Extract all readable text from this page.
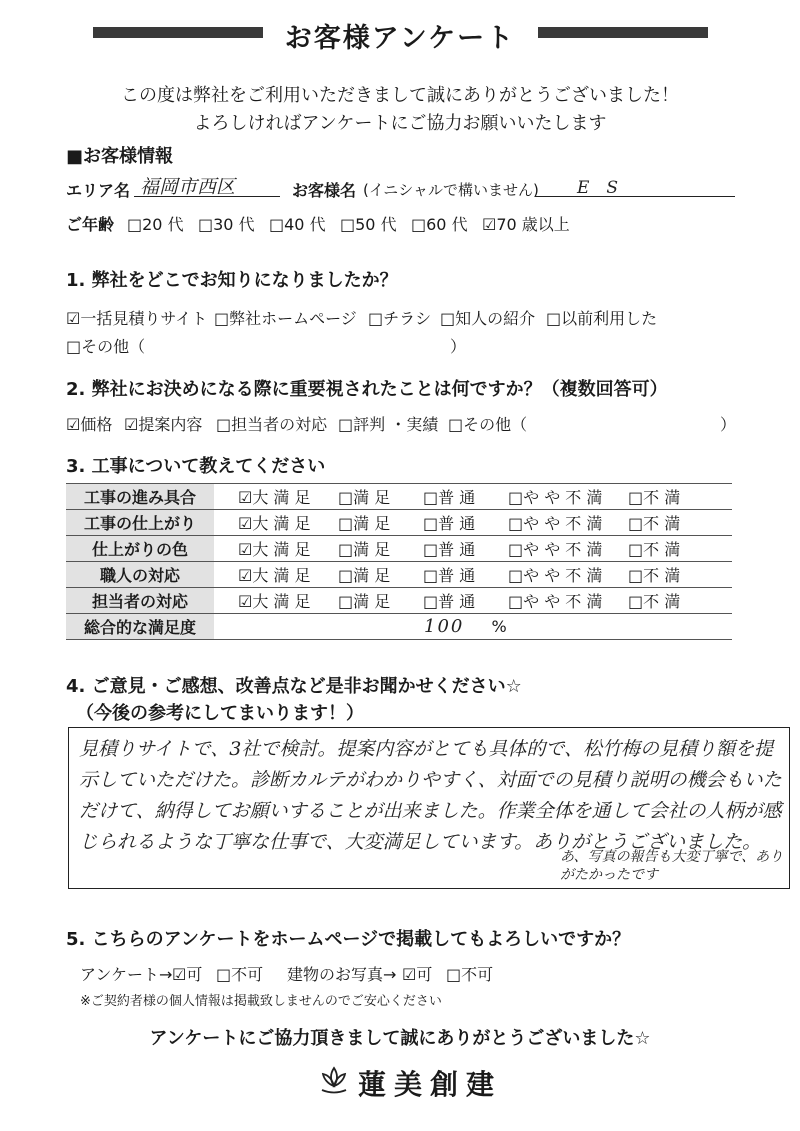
お客様アンケート
この度は弊社をご利用いただきまして誠にありがとうございました！
よろしければアンケートにご協力お願いいたします
■お客様情報
エリア名 福岡市西区	お客様名 (イニシャルで構いません) E　S
ご年齢 □20 代 □30 代 □40 代 □50 代 □60 代 ☑70 歳以上
1. 弊社をどこでお知りになりましたか？
☑一括見積りサイト □弊社ホームページ □チラシ □知人の紹介 □以前利用した
□その他（	）
2. 弊社にお決めになる際に重要視されたことは何ですか？（複数回答可）
☑価格 ☑提案内容 □担当者の対応 □評判 ・実績 □その他（	）
3. 工事について教えてください
工事の進み具合	☑大 満 足	□満 足	□普 通	□や や 不 満	□不 満
工事の仕上がり	☑大 満 足	□満 足	□普 通	□や や 不 満	□不 満
仕上がりの色	☑大 満 足	□満 足	□普 通	□や や 不 満	□不 満
職人の対応	☑大 満 足	□満 足	□普 通	□や や 不 満	□不 満
担当者の対応	☑大 満 足	□満 足	□普 通	□や や 不 満	□不 満
総合的な満足度	100 %				
4. ご意見・ご感想、改善点など是非お聞かせください☆
（今後の参考にしてまいります！）
見積りサイトで、3社で検討。提案内容がとても具体的で、松竹梅の見積り額を提示していただけた。診断カルテがわかりやすく、対面での見積り説明の機会もいただけて、納得してお願いすることが出来ました。作業全体を通して会社の人柄が感じられるような丁寧な仕事で、大変満足しています。ありがとうございました。
あ、写真の報告も大変丁寧で、ありがたかったです
5. こちらのアンケートをホームページで掲載してもよろしいですか？
アンケート→ ☑可 □不可 建物のお写真→ ☑可 □不可
※ご契約者様の個人情報は掲載致しませんのでご安心ください
アンケートにご協力頂きまして誠にありがとうございました☆
蓮美創建
